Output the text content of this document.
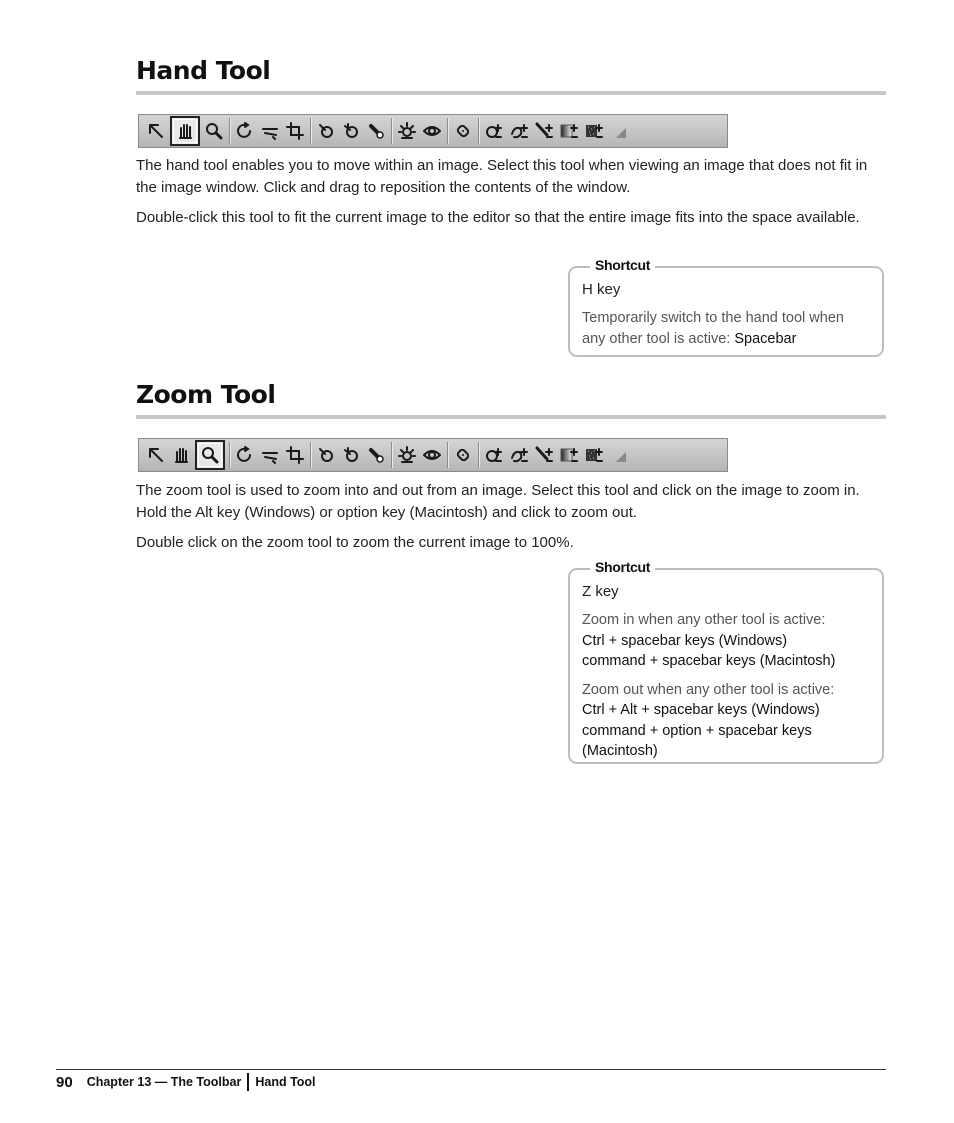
Hand Tool

The hand tool enables you to move within an image. Select this tool when viewing an image that does not fit in the image window. Click and drag to reposition the contents of the window.

Double-click this tool to fit the current image to the editor so that the entire image fits into the space available.

Shortcut
H key
Temporarily switch to the hand tool when any other tool is active: Spacebar
Zoom Tool

The zoom tool is used to zoom into and out from an image. Select this tool and click on the image to zoom in. Hold the Alt key (Windows) or option key (Macintosh) and click to zoom out.

Double click on the zoom tool to zoom the current image to 100%.

Shortcut
Z key
Zoom in when any other tool is active:
Ctrl + spacebar keys (Windows)
command + spacebar keys (Macintosh)
Zoom out when any other tool is active:
Ctrl + Alt + spacebar keys (Windows)
command + option + spacebar keys (Macintosh)
90 Chapter 13 — The Toolbar Hand Tool
